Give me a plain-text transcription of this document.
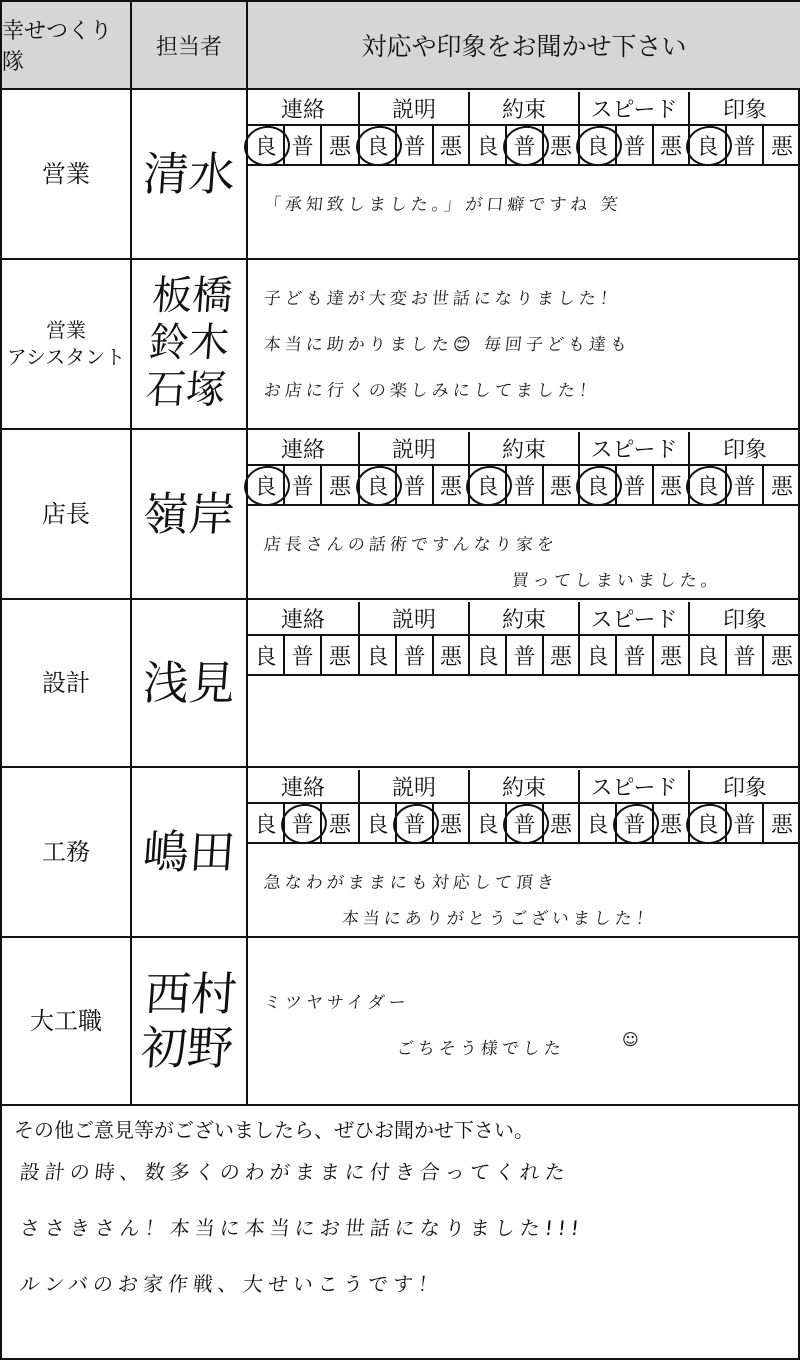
幸せつくり隊
担当者	対応や印象をお聞かせ下さい
営業 清水
連絡
良 普 悪
説明
良 普 悪
約束
良 普 悪
スピード
良 普 悪
印象
良 普 悪
「承知致しました。」が口癖ですね 笑
営業
アシスタント
板橋
鈴木
石塚
子ども達が大変お世話になりました！
本当に助かりました😊 毎回子ども達も
お店に行くの楽しみにしてました！
店長 嶺岸
連絡
良 普 悪
説明
良 普 悪
約束
良 普 悪
スピード
良 普 悪
印象
良 普 悪
店長さんの話術ですんなり家を
買ってしまいました。
設計 浅見
連絡
良 普 悪
説明
良 普 悪
約束
良 普 悪
スピード
良 普 悪
印象
良 普 悪
工務 嶋田
連絡
良 普 悪
説明
良 普 悪
約束
良 普 悪
スピード
良 普 悪
印象
良 普 悪
急なわがままにも対応して頂き
本当にありがとうございました！
大工職
西村
初野
ミツヤサイダー
ごちそう様でした	☺
その他ご意見等がございましたら、ぜひお聞かせ下さい。
設計の時、数多くのわがままに付き合ってくれた
ささきさん！本当に本当にお世話になりました!!!
ルンバのお家作戦、大せいこうです！
